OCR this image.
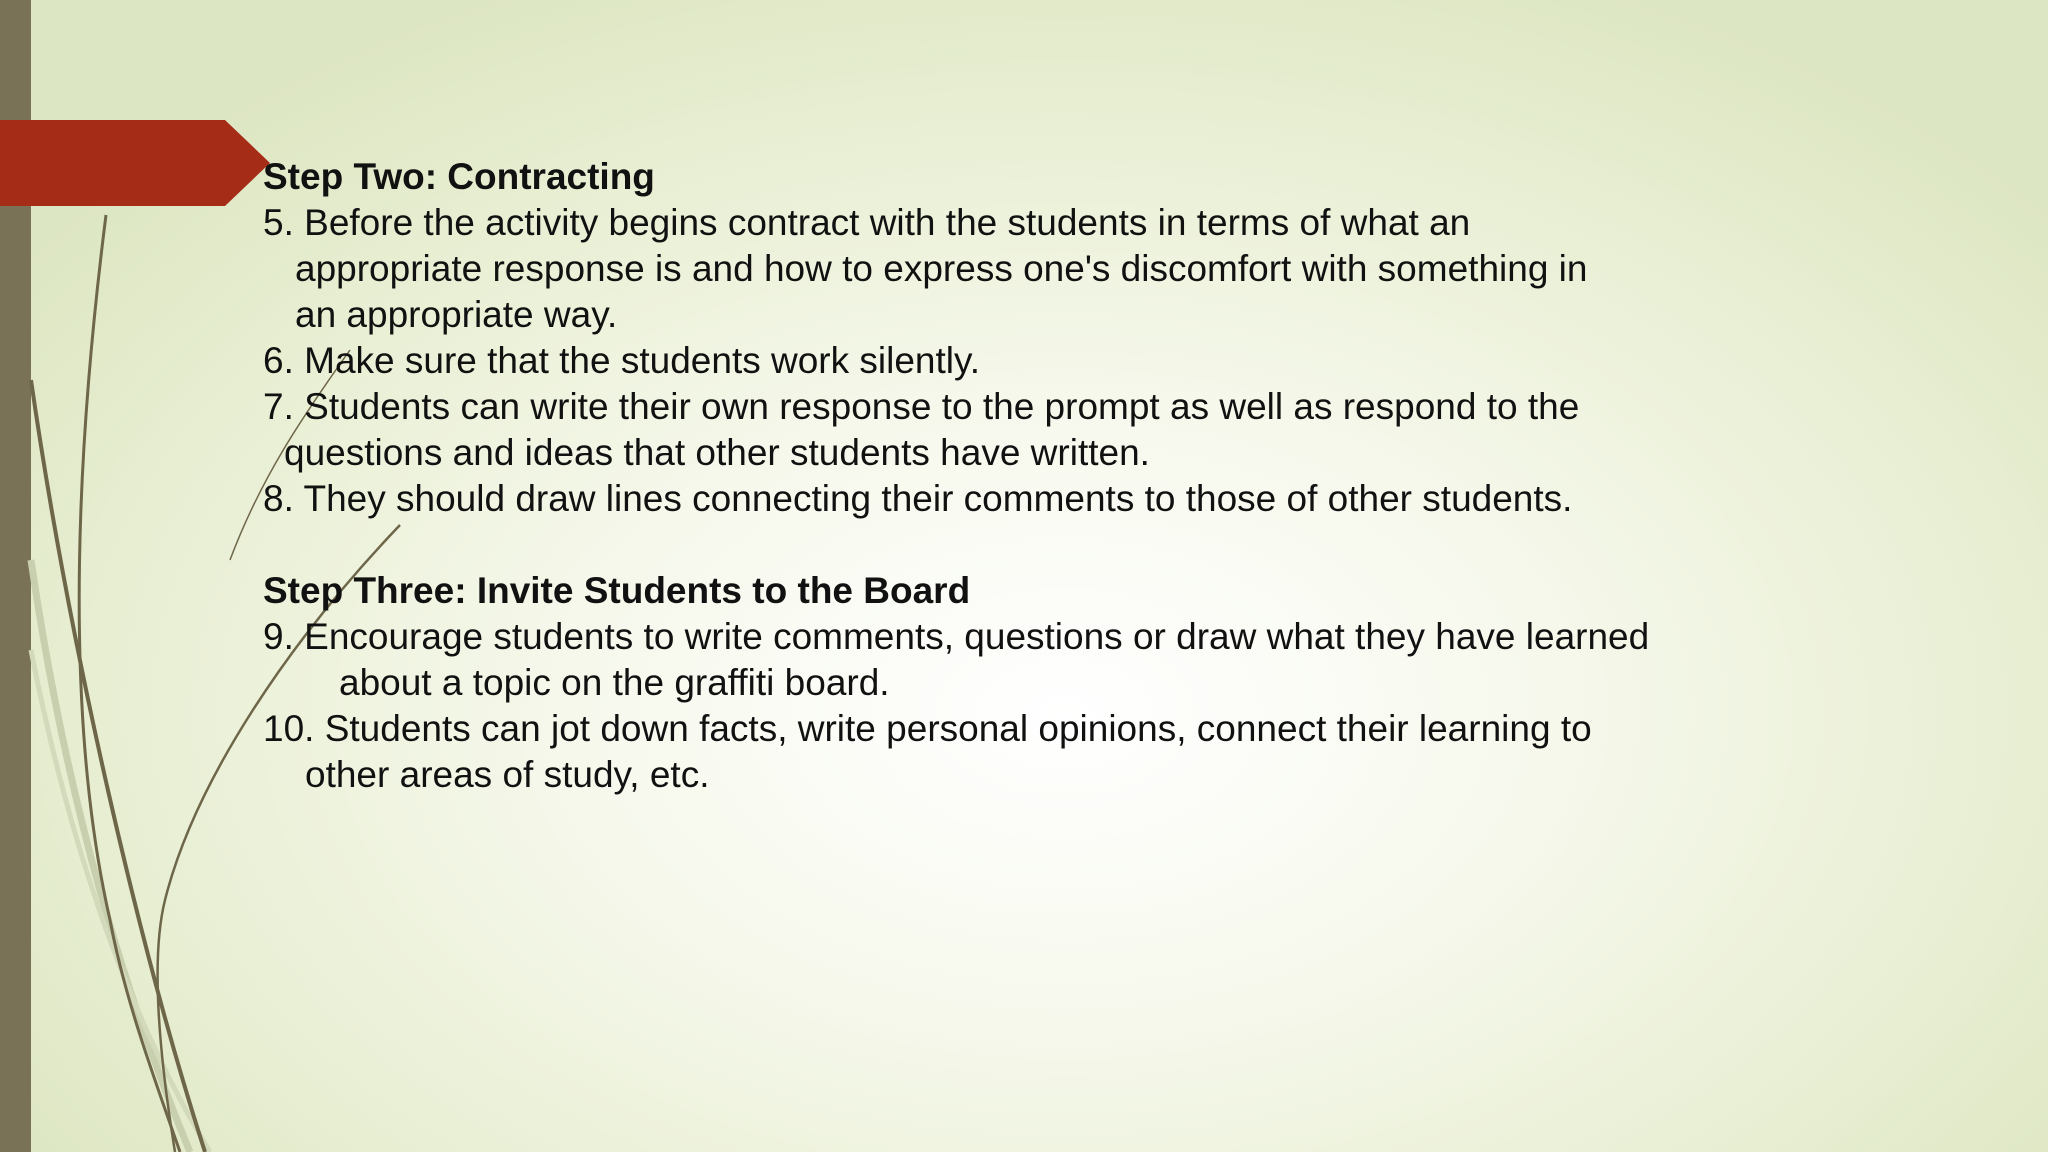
Step Two: Contracting
5. Before the activity begins contract with the students in terms of what an
appropriate response is and how to express one's discomfort with something in
an appropriate way.
6. Make sure that the students work silently.
7. Students can write their own response to the prompt as well as respond to the
questions and ideas that other students have written.
8. They should draw lines connecting their comments to those of other students.
Step Three: Invite Students to the Board
9. Encourage students to write comments, questions or draw what they have learned
about a topic on the graffiti board.
10. Students can jot down facts, write personal opinions, connect their learning to
other areas of study, etc.
